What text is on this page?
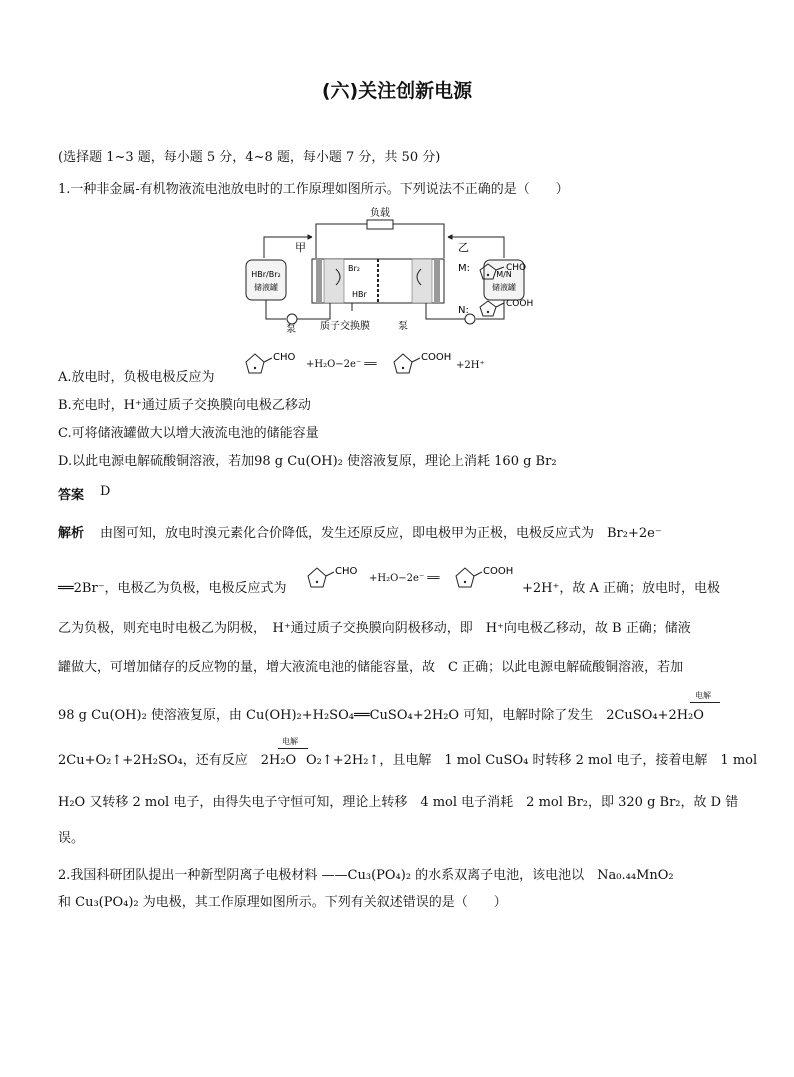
(六)关注创新电源
(选择题 1~3 题，每小题 5 分，4~8 题，每小题 7 分，共 50 分)
1.一种非金属-有机物液流电池放电时的工作原理如图所示。下列说法不正确的是（　　）
负载
甲	乙
Br₂
HBr
HBr/Br₂
储液罐
M/N
储液罐
泵	泵
质子交换膜
M:	CHO
N:
COOH
A.放电时，负极电极反应为
CHO
+H₂O−2e⁻ ══
COOH
+2H⁺
B.充电时，H⁺通过质子交换膜向电极乙移动
C.可将储液罐做大以增大液流电池的储能容量
D.以此电源电解硫酸铜溶液，若加98 g Cu(OH)₂ 使溶液复原，理论上消耗 160 g Br₂
答案 D
解析 由图可知，放电时溴元素化合价降低，发生还原反应，即电极甲为正极，电极反应式为　Br₂+2e⁻
══2Br⁻，电极乙为负极，电极反应式为
CHO
+H₂O−2e⁻ ══
COOH
+2H⁺，故 A 正确；放电时，电极
乙为负极，则充电时电极乙为阴极，　H⁺通过质子交换膜向阴极移动，即　H⁺向电极乙移动，故 B 正确；储液
罐做大，可增加储存的反应物的量，增大液流电池的储能容量，故　C 正确；以此电源电解硫酸铜溶液，若加
98 g Cu(OH)₂ 使溶液复原，由 Cu(OH)₂+H₂SO₄══CuSO₄+2H₂O 可知，电解时除了发生　2CuSO₄+2H₂O
电解
2Cu+O₂↑+2H₂SO₄，还有反应　2H₂O
电解
O₂↑+2H₂↑，且电解　1 mol CuSO₄ 时转移 2 mol 电子，接着电解　1 mol
H₂O 又转移 2 mol 电子，由得失电子守恒可知，理论上转移　4 mol 电子消耗　2 mol Br₂，即 320 g Br₂，故 D 错
误。
2.我国科研团队提出一种新型阴离子电极材料 ——Cu₃(PO₄)₂ 的水系双离子电池，该电池以　Na₀.₄₄MnO₂
和 Cu₃(PO₄)₂ 为电极，其工作原理如图所示。下列有关叙述错误的是（　　）
